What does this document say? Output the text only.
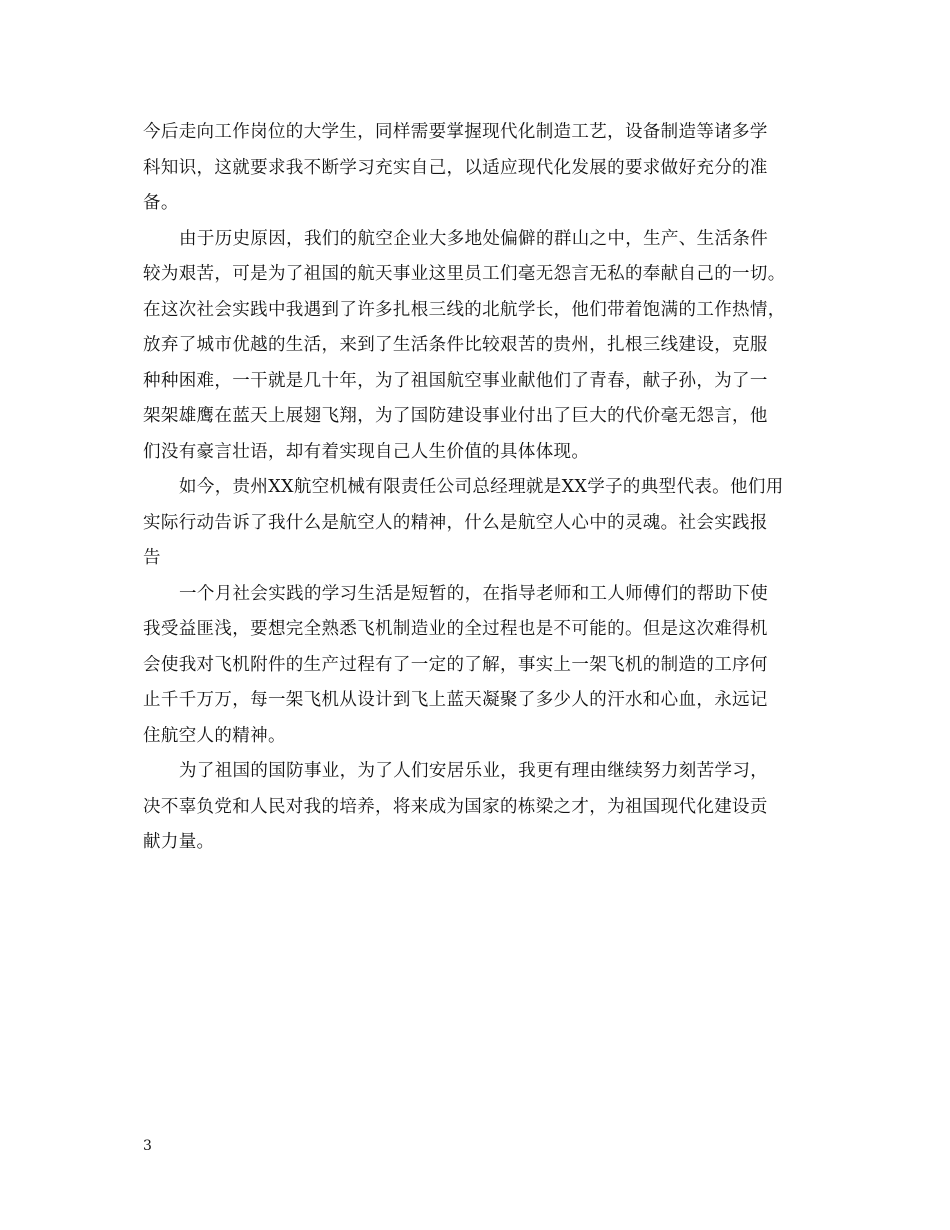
今后走向工作岗位的大学生，同样需要掌握现代化制造工艺，设备制造等诸多学
科知识，这就要求我不断学习充实自己，以适应现代化发展的要求做好充分的准
备。
由于历史原因，我们的航空企业大多地处偏僻的群山之中，生产、生活条件
较为艰苦，可是为了祖国的航天事业这里员工们毫无怨言无私的奉献自己的一切。
在这次社会实践中我遇到了许多扎根三线的北航学长，他们带着饱满的工作热情，
放弃了城市优越的生活，来到了生活条件比较艰苦的贵州，扎根三线建设，克服
种种困难，一干就是几十年，为了祖国航空事业献他们了青春，献子孙，为了一
架架雄鹰在蓝天上展翅飞翔，为了国防建设事业付出了巨大的代价毫无怨言，他
们没有豪言壮语，却有着实现自己人生价值的具体体现。
如今，贵州XX航空机械有限责任公司总经理就是XX学子的典型代表。他们用
实际行动告诉了我什么是航空人的精神，什么是航空人心中的灵魂。社会实践报
告
一个月社会实践的学习生活是短暂的，在指导老师和工人师傅们的帮助下使
我受益匪浅，要想完全熟悉飞机制造业的全过程也是不可能的。但是这次难得机
会使我对飞机附件的生产过程有了一定的了解，事实上一架飞机的制造的工序何
止千千万万，每一架飞机从设计到飞上蓝天凝聚了多少人的汗水和心血，永远记
住航空人的精神。
为了祖国的国防事业，为了人们安居乐业，我更有理由继续努力刻苦学习，
决不辜负党和人民对我的培养，将来成为国家的栋梁之才，为祖国现代化建设贡
献力量。
3
